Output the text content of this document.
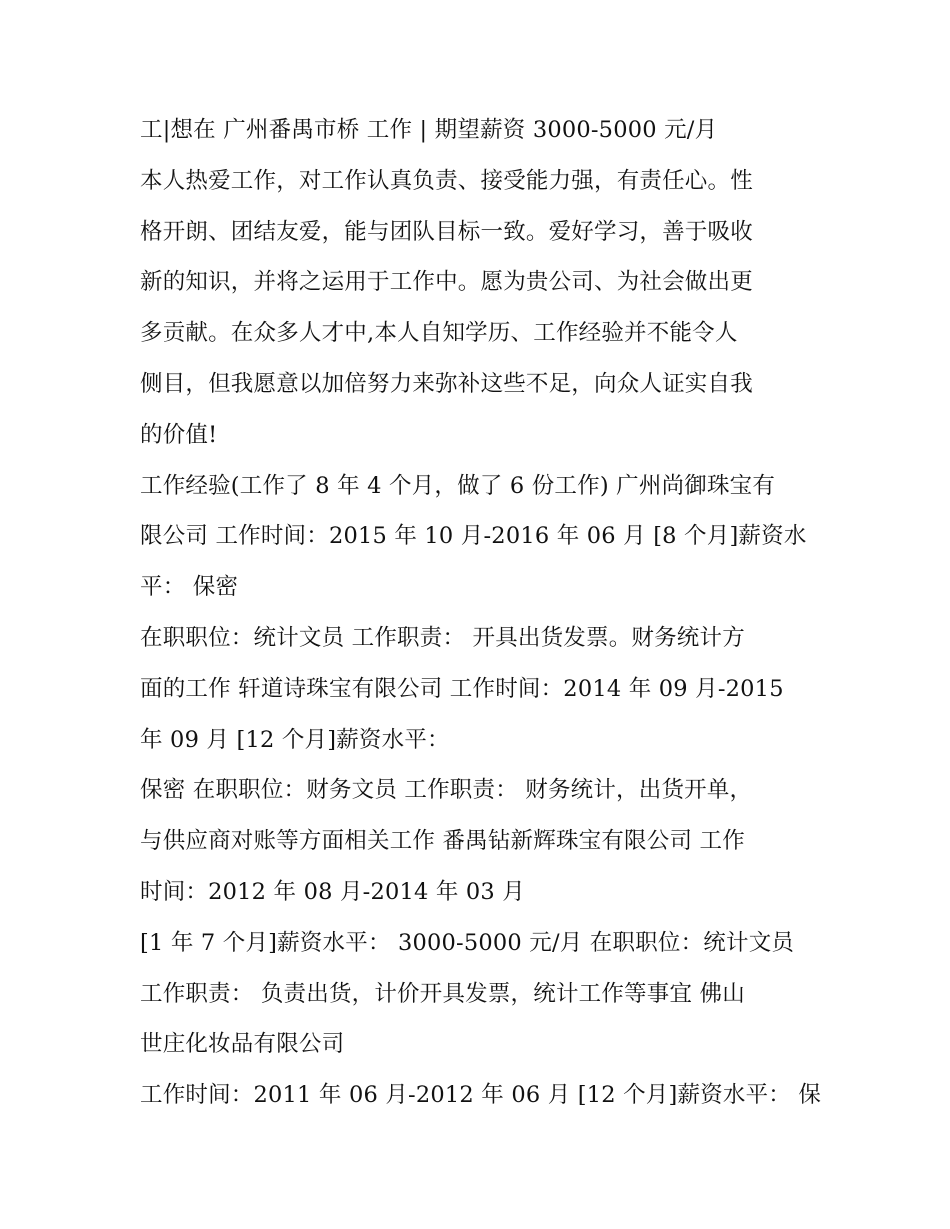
工|想在 广州番禺市桥 工作 | 期望薪资 3000-5000 元/月
本人热爱工作，对工作认真负责、接受能力强，有责任心。性
格开朗、团结友爱，能与团队目标一致。爱好学习，善于吸收
新的知识，并将之运用于工作中。愿为贵公司、为社会做出更
多贡献。在众多人才中,本人自知学历、工作经验并不能令人
侧目，但我愿意以加倍努力来弥补这些不足，向众人证实自我
的价值!
工作经验(工作了 8 年 4 个月，做了 6 份工作) 广州尚御珠宝有
限公司 工作时间：2015 年 10 月-2016 年 06 月 [8 个月]薪资水
平： 保密
在职职位：统计文员 工作职责： 开具出货发票。财务统计方
面的工作 轩道诗珠宝有限公司 工作时间：2014 年 09 月-2015
年 09 月 [12 个月]薪资水平：
保密 在职职位：财务文员 工作职责： 财务统计，出货开单，
与供应商对账等方面相关工作 番禺钻新辉珠宝有限公司 工作
时间：2012 年 08 月-2014 年 03 月
[1 年 7 个月]薪资水平： 3000-5000 元/月 在职职位：统计文员
工作职责： 负责出货，计价开具发票，统计工作等事宜 佛山
世庄化妆品有限公司
工作时间：2011 年 06 月-2012 年 06 月 [12 个月]薪资水平： 保
